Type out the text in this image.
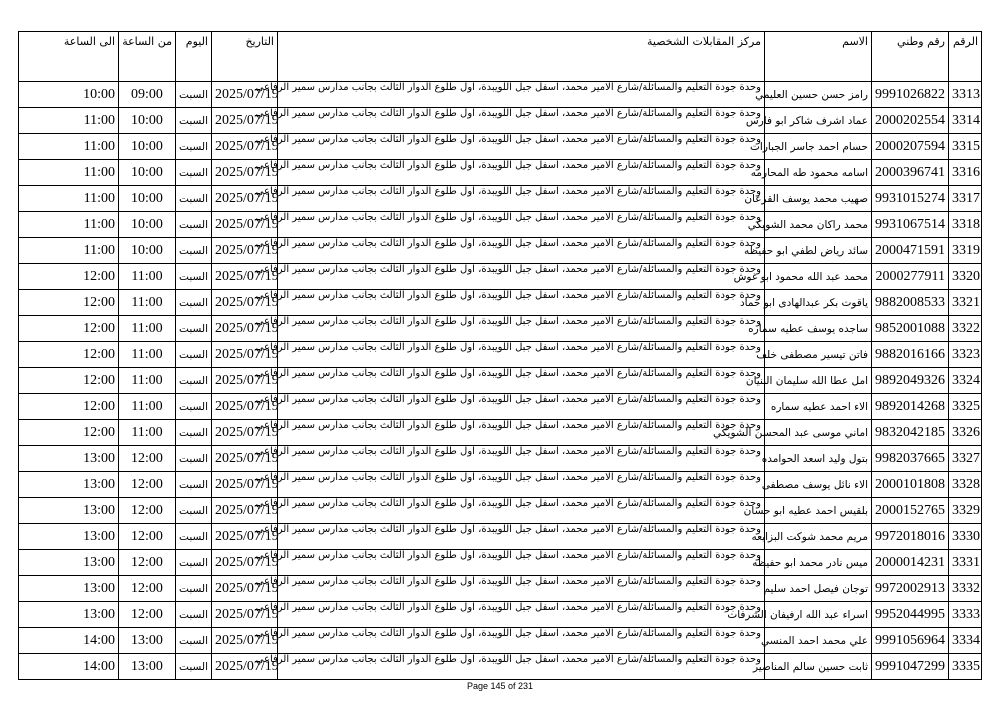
الرقم	رقم وطني	الاسم	مركز المقابلات الشخصية	التاريخ	اليوم	من الساعة	الى الساعة
3313	9991026822	رامز حسن حسين العليمي	وحدة جودة التعليم والمسائلة/شارع الامير محمد، اسفل جبل اللويبدة، اول طلوع الدوار الثالث بجانب مدارس سمير الرفاعي	2025/07/19	السبت	09:00	10:00
3314	2000202554	عماد اشرف شاكر ابو فارس	وحدة جودة التعليم والمسائلة/شارع الامير محمد، اسفل جبل اللويبدة، اول طلوع الدوار الثالث بجانب مدارس سمير الرفاعي	2025/07/19	السبت	10:00	11:00
3315	2000207594	حسام احمد جاسر الجبارات	وحدة جودة التعليم والمسائلة/شارع الامير محمد، اسفل جبل اللويبدة، اول طلوع الدوار الثالث بجانب مدارس سمير الرفاعي	2025/07/19	السبت	10:00	11:00
3316	2000396741	اسامه محمود طه المحارمه	وحدة جودة التعليم والمسائلة/شارع الامير محمد، اسفل جبل اللويبدة، اول طلوع الدوار الثالث بجانب مدارس سمير الرفاعي	2025/07/19	السبت	10:00	11:00
3317	9931015274	صهيب محمد يوسف القرعان	وحدة جودة التعليم والمسائلة/شارع الامير محمد، اسفل جبل اللويبدة، اول طلوع الدوار الثالث بجانب مدارس سمير الرفاعي	2025/07/19	السبت	10:00	11:00
3318	9931067514	محمد راكان محمد الشويكي	وحدة جودة التعليم والمسائلة/شارع الامير محمد، اسفل جبل اللويبدة، اول طلوع الدوار الثالث بجانب مدارس سمير الرفاعي	2025/07/19	السبت	10:00	11:00
3319	2000471591	سائد رياض لطفي ابو حفيظه	وحدة جودة التعليم والمسائلة/شارع الامير محمد، اسفل جبل اللويبدة، اول طلوع الدوار الثالث بجانب مدارس سمير الرفاعي	2025/07/19	السبت	10:00	11:00
3320	2000277911	محمد عبد الله محمود ابو غوش	وحدة جودة التعليم والمسائلة/شارع الامير محمد، اسفل جبل اللويبدة، اول طلوع الدوار الثالث بجانب مدارس سمير الرفاعي	2025/07/19	السبت	11:00	12:00
3321	9882008533	ياقوت بكر عبدالهادى ابو حماد	وحدة جودة التعليم والمسائلة/شارع الامير محمد، اسفل جبل اللويبدة، اول طلوع الدوار الثالث بجانب مدارس سمير الرفاعي	2025/07/19	السبت	11:00	12:00
3322	9852001088	ساجده يوسف عطيه سماره	وحدة جودة التعليم والمسائلة/شارع الامير محمد، اسفل جبل اللويبدة، اول طلوع الدوار الثالث بجانب مدارس سمير الرفاعي	2025/07/19	السبت	11:00	12:00
3323	9882016166	فاتن تيسير مصطفى خلف	وحدة جودة التعليم والمسائلة/شارع الامير محمد، اسفل جبل اللويبدة، اول طلوع الدوار الثالث بجانب مدارس سمير الرفاعي	2025/07/19	السبت	11:00	12:00
3324	9892049326	امل عطا الله سليمان البنيان	وحدة جودة التعليم والمسائلة/شارع الامير محمد، اسفل جبل اللويبدة، اول طلوع الدوار الثالث بجانب مدارس سمير الرفاعي	2025/07/19	السبت	11:00	12:00
3325	9892014268	الاء احمد عطيه سماره	وحدة جودة التعليم والمسائلة/شارع الامير محمد، اسفل جبل اللويبدة، اول طلوع الدوار الثالث بجانب مدارس سمير الرفاعي	2025/07/19	السبت	11:00	12:00
3326	9832042185	اماني موسى عبد المحسن الشويكي	وحدة جودة التعليم والمسائلة/شارع الامير محمد، اسفل جبل اللويبدة، اول طلوع الدوار الثالث بجانب مدارس سمير الرفاعي	2025/07/19	السبت	11:00	12:00
3327	9982037665	بتول وليد اسعد الحوامده	وحدة جودة التعليم والمسائلة/شارع الامير محمد، اسفل جبل اللويبدة، اول طلوع الدوار الثالث بجانب مدارس سمير الرفاعي	2025/07/19	السبت	12:00	13:00
3328	2000101808	الاء نائل يوسف مصطفى	وحدة جودة التعليم والمسائلة/شارع الامير محمد، اسفل جبل اللويبدة، اول طلوع الدوار الثالث بجانب مدارس سمير الرفاعي	2025/07/19	السبت	12:00	13:00
3329	2000152765	بلقيس احمد عطيه ابو حسان	وحدة جودة التعليم والمسائلة/شارع الامير محمد، اسفل جبل اللويبدة، اول طلوع الدوار الثالث بجانب مدارس سمير الرفاعي	2025/07/19	السبت	12:00	13:00
3330	9972018016	مريم محمد شوكت البزايعه	وحدة جودة التعليم والمسائلة/شارع الامير محمد، اسفل جبل اللويبدة، اول طلوع الدوار الثالث بجانب مدارس سمير الرفاعي	2025/07/19	السبت	12:00	13:00
3331	2000014231	ميس نادر محمد ابو حفيظه	وحدة جودة التعليم والمسائلة/شارع الامير محمد، اسفل جبل اللويبدة، اول طلوع الدوار الثالث بجانب مدارس سمير الرفاعي	2025/07/19	السبت	12:00	13:00
3332	9972002913	توجان فيصل احمد سليم	وحدة جودة التعليم والمسائلة/شارع الامير محمد، اسفل جبل اللويبدة، اول طلوع الدوار الثالث بجانب مدارس سمير الرفاعي	2025/07/19	السبت	12:00	13:00
3333	9952044995	اسراء عبد الله ارفيفان الشرفات	وحدة جودة التعليم والمسائلة/شارع الامير محمد، اسفل جبل اللويبدة، اول طلوع الدوار الثالث بجانب مدارس سمير الرفاعي	2025/07/19	السبت	12:00	13:00
3334	9991056964	علي محمد احمد المنسي	وحدة جودة التعليم والمسائلة/شارع الامير محمد، اسفل جبل اللويبدة، اول طلوع الدوار الثالث بجانب مدارس سمير الرفاعي	2025/07/19	السبت	13:00	14:00
3335	9991047299	ثابت حسين سالم المناصير	وحدة جودة التعليم والمسائلة/شارع الامير محمد، اسفل جبل اللويبدة، اول طلوع الدوار الثالث بجانب مدارس سمير الرفاعي	2025/07/19	السبت	13:00	14:00
Page 145 of 231
